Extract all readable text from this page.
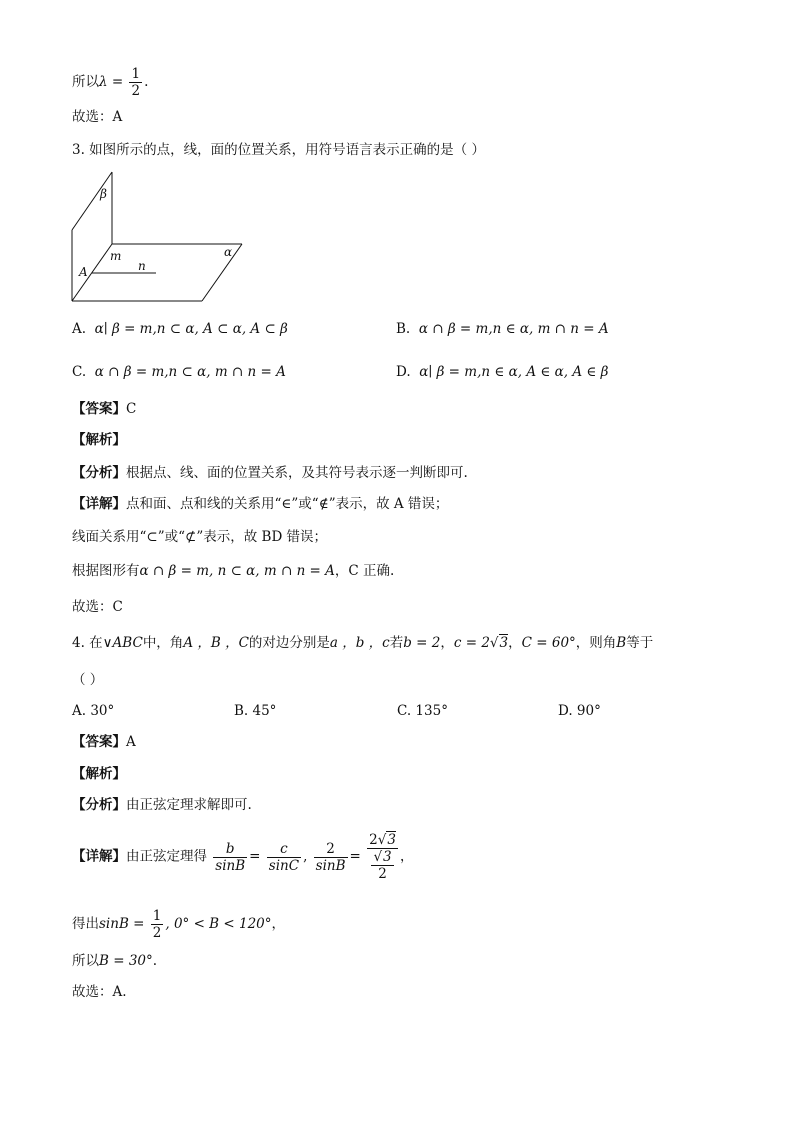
所以$\lambda = \frac{1}{2}$ .
故选：A
3. 如图所示的点，线，面的位置关系，用符号语言表示正确的是（ ）
β
α
m
n
A
A. α∣ β = m,n ⊂ α, A ⊂ α, A ⊂ β	B. α ∩ β = m,n ∈ α, m ∩ n = A
C. α ∩ β = m,n ⊂ α, m ∩ n = A	D. α∣ β = m,n ∈ α, A ∈ α, A ∈ β
【答案】C
【解析】
【分析】根据点、线、面的位置关系，及其符号表示逐一判断即可.
【详解】点和面、点和线的关系用“∈”或“∉”表示，故 A 错误；
线面关系用“⊂”或“⊄”表示，故 BD 错误；
根据图形有α ∩ β = m, n ⊂ α, m ∩ n = A，C 正确.
故选：C
4. 在∨ABC中，角A ，B ，C的对边分别是a ，b ，c若b = 2，c = 2√3，C = 60°，则角B等于
（ ）
A. 30°	B. 45°	C. 135°	D. 90°
【答案】A
【解析】
【分析】由正弦定理求解即可.
【详解】由正弦定理得 $\frac{b}{\sin B} = \frac{c}{\sin C}$ , $\frac{2}{\sin B} = \frac{2√3}{\frac{√3}{2}}$ ，
得出$\sin B = \frac{1}{2}$ , 0° < B < 120°，
所以B = 30°.
故选：A.
